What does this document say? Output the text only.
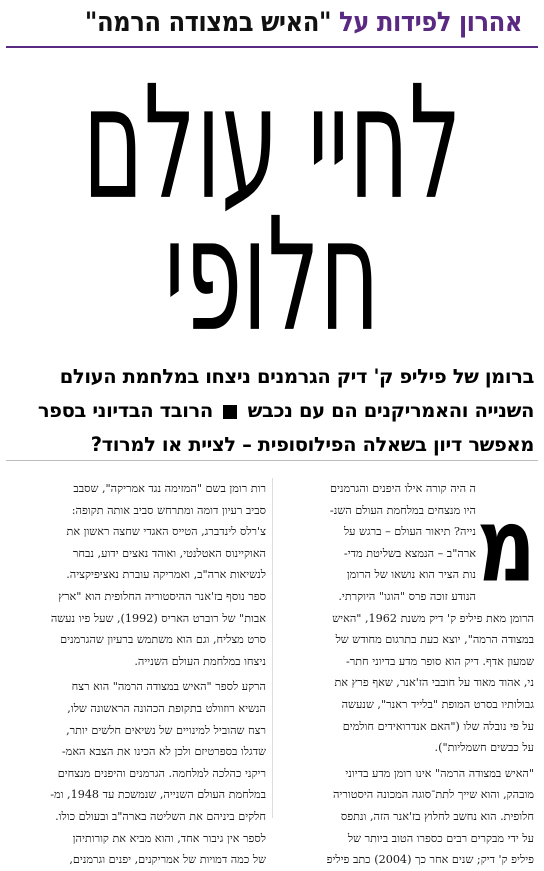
אהרון לפידות על "האיש במצודה הרמה"
לחיי עולם
חלופי
ברומן של פיליפ ק' דיק הגרמנים ניצחו במלחמת העולם
השנייה והאמריקנים הם עם נכבש  הרובד הבדיוני בספר
מאפשר דיון בשאלה הפילוסופית – לציית או למרוד?
מ
ה היה קורה אילו היפנים והגרמנים
היו מנצחים במלחמת העולם השנ-
נייה? תיאור העולם – ברגש על
ארה"ב – הנמצא בשליטת מדי-
נות הציר הוא נושאו של הרומן
הנודע זוכה פרס "הוגו" היוקרתי.
הרומן מאת פיליפ ק' דיק משנת 1962, "האיש
במצודה הרמה", יוצא כעת בתרגום מחודש של
שמעון אדף. דיק הוא סופר מדע בדיוני חתר-
ני, אהוד מאוד על חובבי הז'אנר, שאף פרץ את
גבולותיו בסרט המופת "בלייד ראנר", שנעשה
על פי נובלה שלו ("האם אנדרואידים חולמים
על כבשים חשמליות").
"האיש במצודה הרמה" אינו רומן מדע בדיוני
מובהק, והוא שייך לתת־סוגה המכונה היסטוריה
חלופית. הוא נחשב לחלוץ בז'אנר הזה, ונתפס
על ידי מבקרים רבים כספרו הטוב ביותר של
פיליפ ק' דיק; שנים אחר כך (2004) כתב פיליפ
רות רומן בשם "המזימה נגד אמריקה", שסבב
סביב רעיון דומה ומתרחש סביב אותה תקופה:
צ'רלס לינדברג, הטייס האגדי שחצה ראשון את
האוקיינוס האטלנטי, ואוהד נאצים ידוע, נבחר
לנשיאות ארה"ב, ואמריקה עוברת נאציפיקציה.
ספר נוסף בז'אנר ההיסטוריה החלופית הוא "ארץ
אבות" של רוברט האריס (1992), שעל פיו נעשה
סרט מצליח, וגם הוא משתמש ברעיון שהגרמנים
ניצחו במלחמת העולם השנייה.
הרקע לספר "האיש במצודה הרמה" הוא רצח
הנשיא רוזוולט בתקופת הכהונה הראשונה שלו,
רצח שהוביל למינויים של נשיאים חלשים יותר,
שדגלו בספרטיזם ולכן לא הכינו את הצבא האמ-
ריקני כהלכה למלחמה. הגרמנים והיפנים מנצחים
במלחמת העולם השנייה, שנמשכת עד 1948, ומ-
חלקים ביניהם את השליטה בארה"ב ובעולם כולו.
לספר אין גיבור אחד, והוא מביא את קורותיהן
של כמה דמויות של אמריקנים, יפנים וגרמנים,
